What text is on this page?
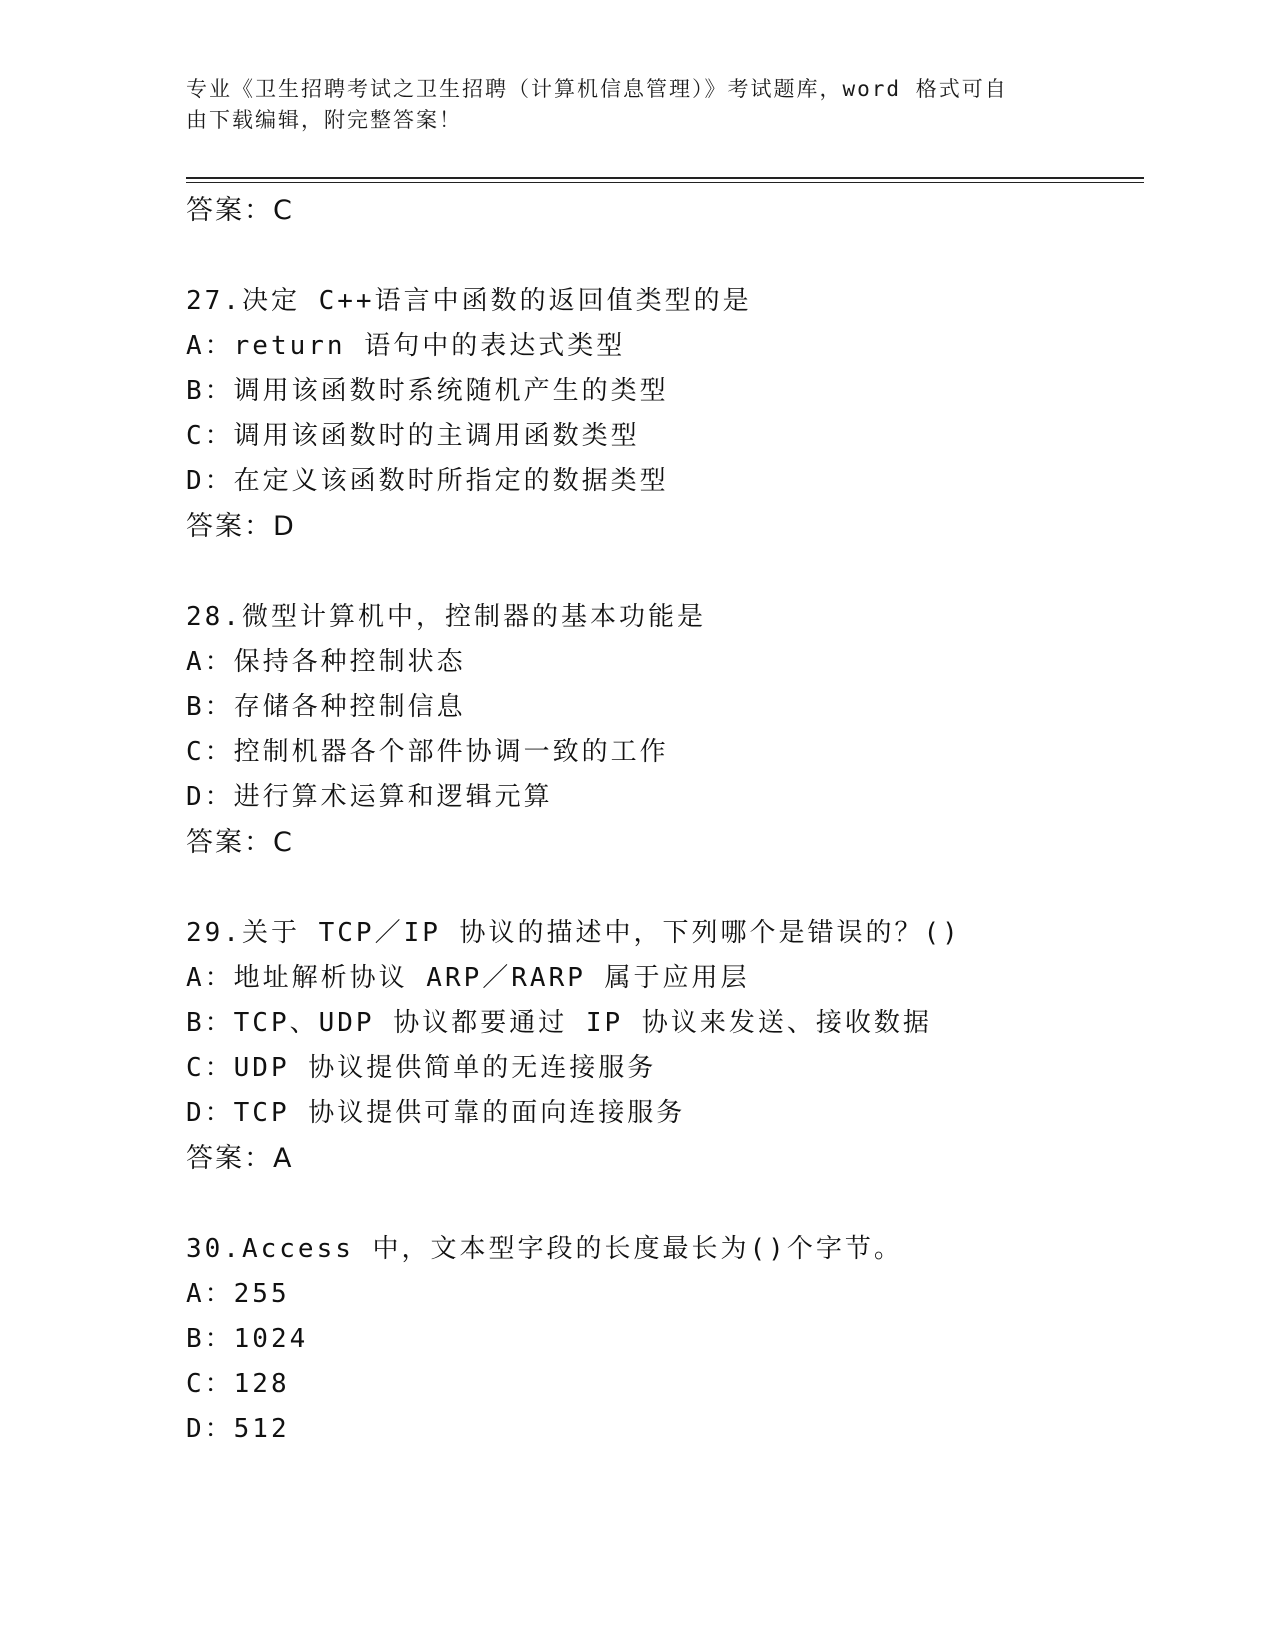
专业《卫生招聘考试之卫生招聘（计算机信息管理）》考试题库，word 格式可自
由下载编辑，附完整答案！
答案：C
27.决定 C++语言中函数的返回值类型的是
A：return 语句中的表达式类型
B：调用该函数时系统随机产生的类型
C：调用该函数时的主调用函数类型
D：在定义该函数时所指定的数据类型
答案：D
28.微型计算机中，控制器的基本功能是
A：保持各种控制状态
B：存储各种控制信息
C：控制机器各个部件协调一致的工作
D：进行算术运算和逻辑元算
答案：C
29.关于 TCP／IP 协议的描述中，下列哪个是错误的？()
A：地址解析协议 ARP／RARP 属于应用层
B：TCP、UDP 协议都要通过 IP 协议来发送、接收数据
C：UDP 协议提供简单的无连接服务
D：TCP 协议提供可靠的面向连接服务
答案：A
30.Access 中，文本型字段的长度最长为()个字节。
A：255
B：1024
C：128
D：512
